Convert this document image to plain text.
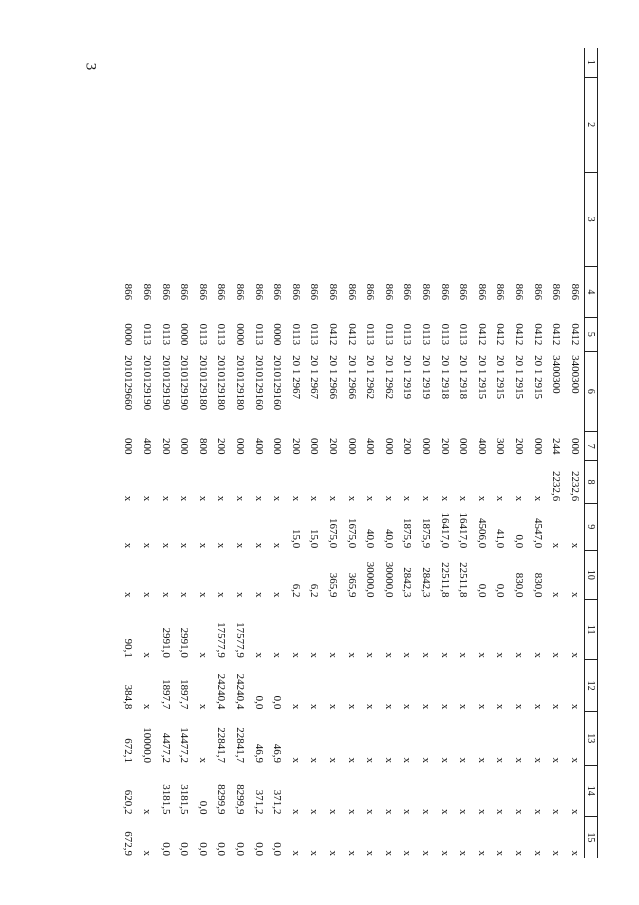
3
1	2	3	4	5	6	7	8	9	10	11	12	13	14	15
			866	0412	3400300	000	2232,6	x	x	x	x	x	x	x
			866	0412	3400300	244	2232,6	x	x	x	x	x	x	x
			866	0412	20 1 2915	000	x	4547,0	830,0	x	x	x	x	x
			866	0412	20 1 2915	200	x	0,0	830,0	x	x	x	x	x
			866	0412	20 1 2915	300	x	41,0	0,0	x	x	x	x	x
			866	0412	20 1 2915	400	x	4506,0	0,0	x	x	x	x	x
			866	0113	20 1 2918	000	x	16417,0	22511,8	x	x	x	x	x
			866	0113	20 1 2918	200	x	16417,0	22511,8	x	x	x	x	x
			866	0113	20 1 2919	000	x	1875,9	2842,3	x	x	x	x	x
			866	0113	20 1 2919	200	x	1875,9	2842,3	x	x	x	x	x
			866	0113	20 1 2962	000	x	40,0	30000,0	x	x	x	x	x
			866	0113	20 1 2962	400	x	40,0	30000,0	x	x	x	x	x
			866	0412	20 1 2966	000	x	1675,0	365,9	x	x	x	x	x
			866	0412	20 1 2966	200	x	1675,0	365,9	x	x	x	x	x
			866	0113	20 1 2967	000	x	15,0	6,2	x	x	x	x	x
			866	0113	20 1 2967	200	x	15,0	6,2	x	x	x	x	x
			866	0000	2010129160	000	x	x	x	x	0,0	46,9	371,2	0,0
			866	0113	2010129160	400	x	x	x	x	0,0	46,9	371,2	0,0
			866	0000	2010129180	000	x	x	x	17577,9	24240,4	22841,7	8299,9	0,0
			866	0113	2010129180	200	x	x	x	17577,9	24240,4	22841,7	8299,9	0,0
			866	0113	2010129180	800	x	x	x	x	x	x	0,0	0,0
			866	0000	2010129190	000	x	x	x	2991,0	1897,7	14477,2	3181,5	0,0
			866	0113	2010129190	200	x	x	x	2991,0	1897,7	4477,2	3181,5	0,0
			866	0113	2010129190	400	x	x	x	x	x	10000,0	x	x
			866	0000	2010129660	000	x	x	x	90,1	384,8	672,1	620,2	672,9
